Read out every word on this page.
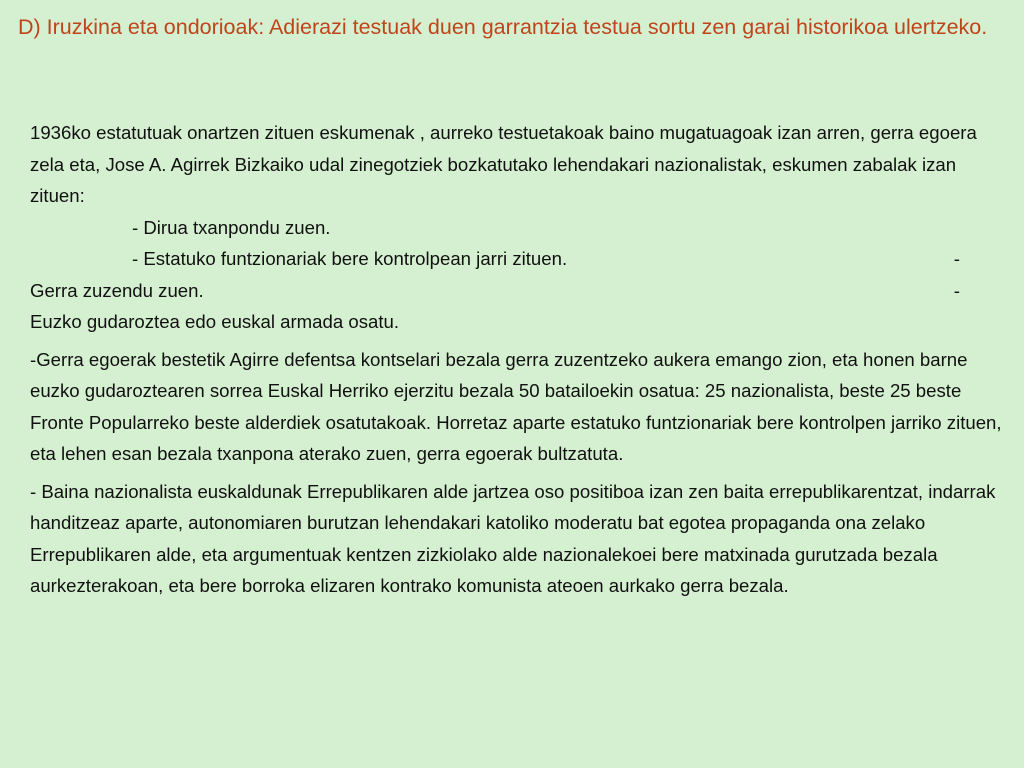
D) Iruzkina eta ondorioak: Adierazi testuak duen garrantzia testua sortu zen garai historikoa ulertzeko.

1936ko estatutuak onartzen zituen eskumenak , aurreko testuetakoak baino mugatuagoak izan arren, gerra egoera zela eta, Jose A. Agirrek Bizkaiko udal zinegotziek bozkatutako lehendakari nazionalistak, eskumen zabalak izan zituen:
- Dirua txanpondu zuen.

- Estatuko funtzionariak bere kontrolpean jarri zituen.	-
Gerra zuzendu zuen.	-
Euzko gudaroztea edo euskal armada osatu.

-Gerra egoerak bestetik Agirre defentsa kontselari bezala gerra zuzentzeko aukera emango zion, eta honen barne euzko gudaroztearen sorrea Euskal Herriko ejerzitu bezala 50 batailoekin osatua: 25 nazionalista, beste 25 beste Fronte Popularreko beste alderdiek osatutakoak. Horretaz aparte estatuko funtzionariak bere kontrolpen jarriko zituen, eta lehen esan bezala txanpona aterako zuen, gerra egoerak bultzatuta.

- Baina nazionalista euskaldunak Errepublikaren alde jartzea oso positiboa izan zen baita errepublikarentzat, indarrak handitzeaz aparte, autonomiaren burutzan lehendakari katoliko moderatu bat egotea propaganda ona zelako Errepublikaren alde, eta argumentuak kentzen zizkiolako alde nazionalekoei bere matxinada gurutzada bezala aurkezterakoan, eta bere borroka elizaren kontrako komunista ateoen aurkako gerra bezala.
